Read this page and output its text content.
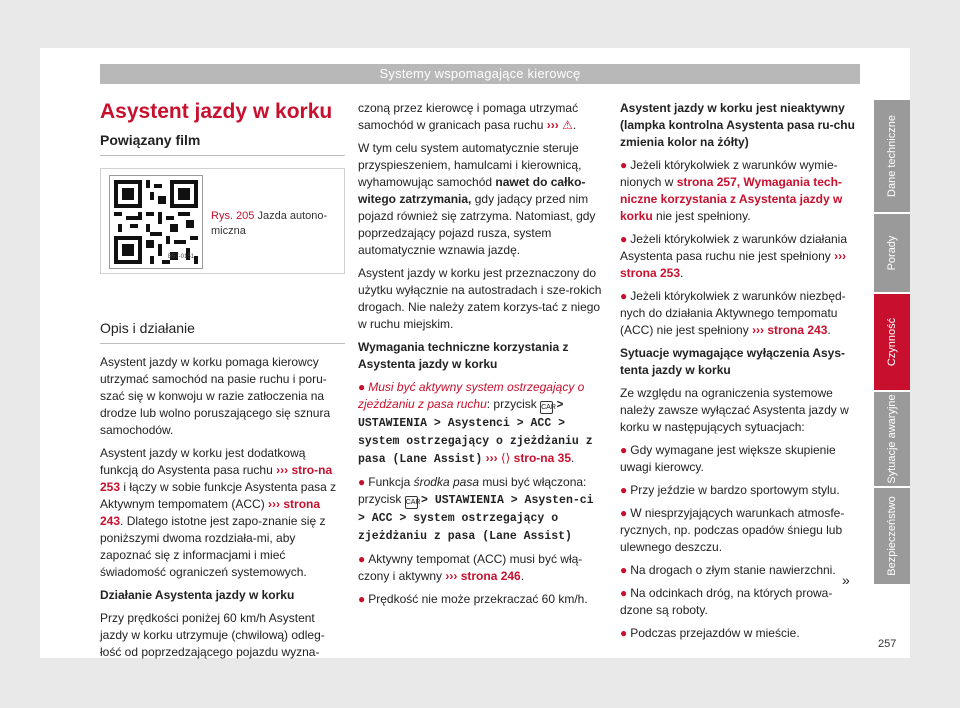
Systemy wspomagające kierowcę
Asystent jazdy w korku
Powiązany film
B57-0151
Rys. 205 Jazda autono-miczna
Opis i działanie

Asystent jazdy w korku pomaga kierowcy utrzymać samochód na pasie ruchu i poru-szać się w konwoju w razie zatłoczenia na drodze lub wolno poruszającego się sznura samochodów.

Asystent jazdy w korku jest dodatkową funkcją do Asystenta pasa ruchu ››› stro-na 253 i łączy w sobie funkcje Asystenta pasa z Aktywnym tempomatem (ACC) ››› strona 243. Dlatego istotne jest zapo-znanie się z poniższymi dwoma rozdziała-mi, aby zapoznać się z informacjami i mieć świadomość ograniczeń systemowych.

Działanie Asystenta jazdy w korku

Przy prędkości poniżej 60 km/h Asystent jazdy w korku utrzymuje (chwilową) odleg-łość od poprzedzającego pojazdu wyzna-

czoną przez kierowcę i pomaga utrzymać samochód w granicach pasa ruchu ››› ⚠.

W tym celu system automatycznie steruje przyspieszeniem, hamulcami i kierownicą, wyhamowując samochód nawet do całko-witego zatrzymania, gdy jadący przed nim pojazd również się zatrzyma. Natomiast, gdy poprzedzający pojazd rusza, system automatycznie wznawia jazdę.

Asystent jazdy w korku jest przeznaczony do użytku wyłącznie na autostradach i sze-rokich drogach. Nie należy zatem korzys-tać z niego w ruchu miejskim.

Wymagania techniczne korzystania z Asystenta jazdy w korku

● Musi być aktywny system ostrzegający o zjeżdżaniu z pasa ruchu: przycisk CAR > USTAWIENIA > Asystenci > ACC > system ostrzegający o zjeżdżaniu z pasa (Lane Assist) ››› ⟨⟩ stro-na 35.

● Funkcja środka pasa musi być włączona: przycisk CAR > USTAWIENIA > Asysten-ci > ACC > system ostrzegający o zjeżdżaniu z pasa (Lane Assist)

● Aktywny tempomat (ACC) musi być włą-czony i aktywny ››› strona 246.

● Prędkość nie może przekraczać 60 km/h.

Asystent jazdy w korku jest nieaktywny (lampka kontrolna Asystenta pasa ru-chu zmienia kolor na żółty)

● Jeżeli którykolwiek z warunków wymie-nionych w strona 257, Wymagania tech-niczne korzystania z Asystenta jazdy w korku nie jest spełniony.

● Jeżeli którykolwiek z warunków działania Asystenta pasa ruchu nie jest spełniony ››› strona 253.

● Jeżeli którykolwiek z warunków niezbęd-nych do działania Aktywnego tempomatu (ACC) nie jest spełniony ››› strona 243.

Sytuacje wymagające wyłączenia Asys-tenta jazdy w korku

Ze względu na ograniczenia systemowe należy zawsze wyłączać Asystenta jazdy w korku w następujących sytuacjach:

● Gdy wymagane jest większe skupienie uwagi kierowcy.

● Przy jeździe w bardzo sportowym stylu.

● W niesprzyjających warunkach atmosfe-rycznych, np. podczas opadów śniegu lub ulewnego deszczu.

● Na drogach o złym stanie nawierzchni.

● Na odcinkach dróg, na których prowa-dzone są roboty.

● Podczas przejazdów w mieście.

»
Dane techniczne
Porady
Czynność
Sytuacje awaryjne
Bezpieczeństwo
257
